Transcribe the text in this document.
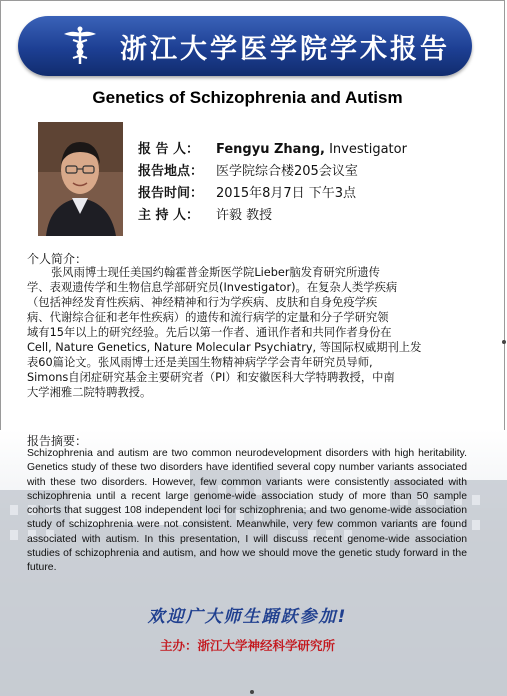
浙江大学医学院学术报告
Genetics of Schizophrenia and Autism
报 告 人： Fengyu Zhang, Investigator
报告地点： 医学院综合楼205会议室
报告时间： 2015年8月7日 下午3点
主 持 人： 许毅 教授
个人简介：
张风雨博士现任美国约翰霍普金斯医学院Lieber脑发育研究所遗传
学、表观遗传学和生物信息学部研究员(Investigator)。在复杂人类学疾病
（包括神经发育性疾病、神经精神和行为学疾病、皮肤和自身免疫学疾
病、代谢综合征和老年性疾病）的遗传和流行病学的定量和分子学研究领
域有15年以上的研究经验。先后以第一作者、通讯作者和共同作者身份在
Cell, Nature Genetics, Nature Molecular Psychiatry, 等国际权威期刊上发
表60篇论文。张风雨博士还是美国生物精神病学学会青年研究员导师,
Simons自闭症研究基金主要研究者（PI）和安徽医科大学特聘教授，中南
大学湘雅二院特聘教授。
报告摘要：
Schizophrenia and autism are two common neurodevelopment disorders with high heritability. Genetics study of these two disorders have identified several copy number variants associated with these two disorders. However, few common variants were consistently associated with schizophrenia until a recent large genome-wide association study of more than 50 sample cohorts that suggest 108 independent loci for schizophrenia; and two genome-wide association study of schizophrenia were not consistent. Meanwhile, very few common variants are found associated with autism. In this presentation, I will discuss recent genome-wide association studies of schizophrenia and autism, and how we should move the genetic study forward in the future.
欢迎广大师生踊跃参加!
主办：浙江大学神经科学研究所
